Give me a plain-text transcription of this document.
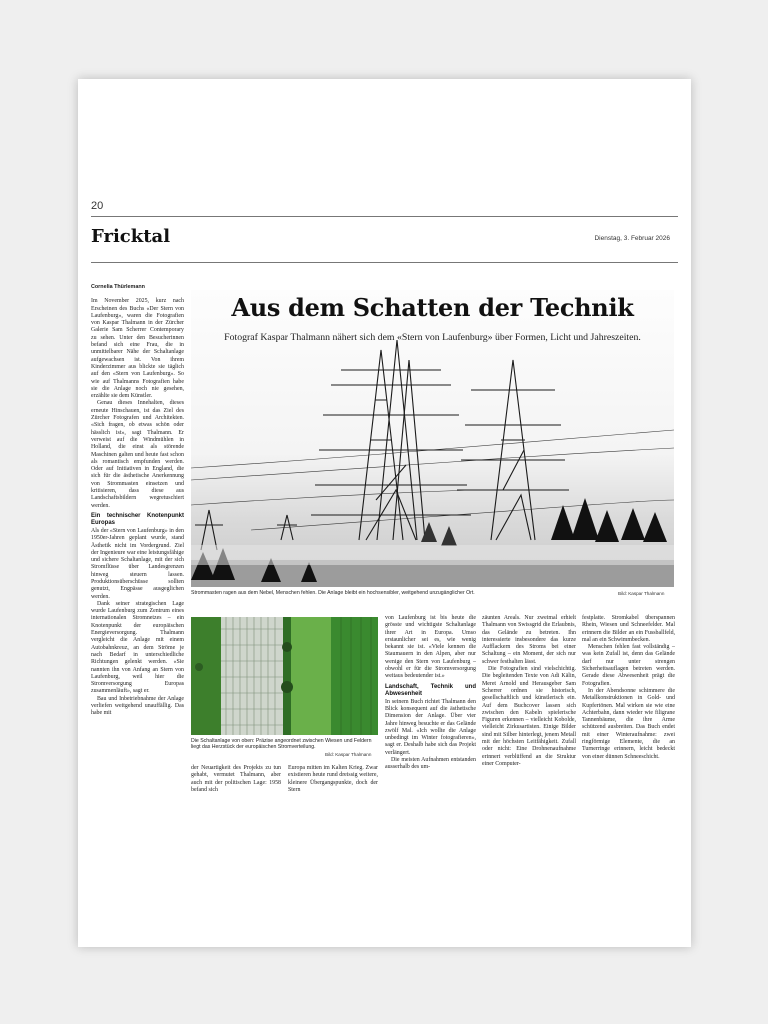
20
Fricktal	Dienstag, 3. Februar 2026
Cornelia Thürlemann

Im November 2025, kurz nach Erscheinen des Buchs «Der Stern von Laufenburg», waren die Fotografien von Kaspar Thalmann in der Zürcher Galerie Sam Scherrer Contemporary zu sehen. Unter den Besucherinnen befand sich eine Frau, die in unmittelbarer Nähe der Schaltanlage aufgewachsen ist. Von ihrem Kinderzimmer aus blickte sie täglich auf den «Stern von Laufenburg». So wie auf Thalmanns Fotografien habe sie die Anlage noch nie gesehen, erzählte sie dem Künstler.

Genau dieses Innehalten, dieses erneute Hinschauen, ist das Ziel des Zürcher Fotografen und Architekten. «Sich fragen, ob etwas schön oder hässlich ist», sagt Thalmann. Er verweist auf die Windmühlen in Holland, die einst als störende Maschinen galten und heute fast schon als romantisch empfunden werden. Oder auf Initiativen in England, die sich für die ästhetische Anerkennung von Strommasten einsetzen und kritisieren, dass diese aus Landschaftsbildern wegretuschiert werden.

Ein technischer Knotenpunkt Europas

Als der «Stern von Laufenburg» in den 1950er-Jahren geplant wurde, stand Ästhetik nicht im Vordergrund. Ziel der Ingenieure war eine leistungsfähige und sichere Schaltanlage, mit der sich Stromflüsse über Landesgrenzen hinweg steuern lassen. Produktionsüberschüsse sollten genutzt, Engpässe ausgeglichen werden.

Dank seiner strategischen Lage wurde Laufenburg zum Zentrum eines internationalen Stromnetzes – ein Knotenpunkt der europäischen Energieversorgung. Thalmann vergleicht die Anlage mit einem Autobahnkreuz, an dem Ströme je nach Bedarf in unterschiedliche Richtungen gelenkt werden. «Sie nannten ihn von Anfang an Stern von Laufenburg, weil hier die Stromversorgung Europas zusammenläuft», sagt er.

Bau und Inbetriebnahme der Anlage verliefen weitgehend unauffällig. Das habe mit

Aus dem Schatten der Technik
Fotograf Kaspar Thalmann nähert sich dem «Stern von Laufenburg» über Formen, Licht und Jahreszeiten.
Strommasten ragen aus dem Nebel, Menschen fehlen. Die Anlage bleibt ein hochsensibler, weitgehend unzugänglicher Ort.	Bild: Kaspar Thalmann
Die Schaltanlage von oben: Präzise angeordnet zwischen Wiesen und Feldern liegt das Herzstück der europäischen Stromverteilung.
Bild: Kaspar Thalmann

der Neuartigkeit des Projekts zu tun gehabt, vermutet Thalmann, aber auch mit der politischen Lage: 1958 befand sich

Europa mitten im Kalten Krieg. Zwar existieren heute rund dreissig weitere, kleinere Übergangspunkte, doch der Stern

von Laufenburg ist bis heute die grösste und wichtigste Schaltanlage ihrer Art in Europa. Umso erstaunlicher sei es, wie wenig bekannt sie ist. «Viele kennen die Staumauern in den Alpen, aber nur wenige den Stern von Laufenburg – obwohl er für die Stromversorgung weitaus bedeutender ist.»

Landschaft, Technik und Abwesenheit

In seinem Buch richtet Thalmann den Blick konsequent auf die ästhetische Dimension der Anlage. Über vier Jahre hinweg besuchte er das Gelände zwölf Mal. «Ich wollte die Anlage unbedingt im Winter fotografieren», sagt er. Deshalb habe sich das Projekt verlängert.

Die meisten Aufnahmen entstanden ausserhalb des um-

zäunten Areals. Nur zweimal erhielt Thalmann von Swissgrid die Erlaubnis, das Gelände zu betreten. Ihn interessierte insbesondere das kurze Aufflackern des Stroms bei einer Schaltung – ein Moment, der sich nur schwer festhalten lässt.

Die Fotografien sind vielschichtig. Die begleitenden Texte von Adi Kälin, Meret Arnold und Herausgeber Sam Scherrer ordnen sie historisch, gesellschaftlich und künstlerisch ein. Auf dem Buchcover lassen sich zwischen den Kabeln spielerische Figuren erkennen – vielleicht Kobolde, vielleicht Zirkusartisten. Einige Bilder sind mit Silber hinterlegt, jenem Metall mit der höchsten Leitfähigkeit. Zufall oder nicht: Eine Drohnenaufnahme erinnert verblüffend an die Struktur einer Computer-

festplatte. Stromkabel überspannen Rhein, Wiesen und Schneefelder. Mal erinnern die Bilder an ein Fussballfeld, mal an ein Schwimmbecken.

Menschen fehlen fast vollständig – was kein Zufall ist, denn das Gelände darf nur unter strengen Sicherheitsauflagen betreten werden. Gerade diese Abwesenheit prägt die Fotografien.

In der Abendsonne schimmere die Metallkonstruktionen in Gold- und Kupfertönen. Mal wirken sie wie eine Achterbahn, dann wieder wie filigrane Tannenbäume, die ihre Arme schützend ausbreiten. Das Buch endet mit einer Winteraufnahme: zwei ringförmige Elemente, die an Turnerringe erinnern, leicht bedeckt von einer dünnen Schneeschicht.
